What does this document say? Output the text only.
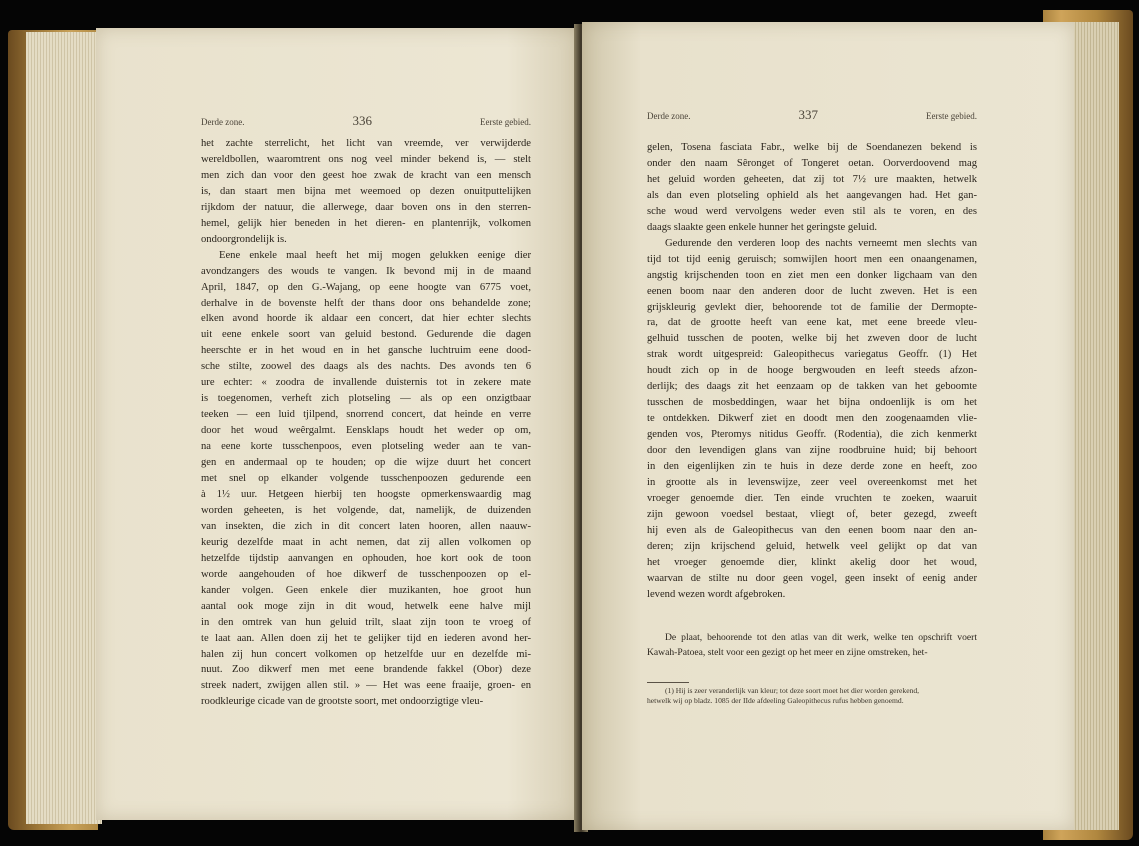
Derde zone.	336	Eerste gebied.
het zachte sterrelicht, het licht van vreemde, ver verwijderde
wereldbollen, waaromtrent ons nog veel minder bekend is, — stelt
men zich dan voor den geest hoe zwak de kracht van een mensch
is, dan staart men bijna met weemoed op dezen onuitputtelijken
rijkdom der natuur, die allerwege, daar boven ons in den sterren-
hemel, gelijk hier beneden in het dieren- en plantenrijk, volkomen
ondoorgrondelijk is.
Eene enkele maal heeft het mij mogen gelukken eenige dier
avondzangers des wouds te vangen. Ik bevond mij in de maand
April, 1847, op den G.-Wajang, op eene hoogte van 6775 voet,
derhalve in de bovenste helft der thans door ons behandelde zone;
elken avond hoorde ik aldaar een concert, dat hier echter slechts
uit eene enkele soort van geluid bestond. Gedurende die dagen
heerschte er in het woud en in het gansche luchtruim eene dood-
sche stilte, zoowel des daags als des nachts. Des avonds ten 6
ure echter: « zoodra de invallende duisternis tot in zekere mate
is toegenomen, verheft zich plotseling — als op een onzigtbaar
teeken — een luid tjilpend, snorrend concert, dat heinde en verre
door het woud weêrgalmt. Eensklaps houdt het weder op om,
na eene korte tusschenpoos, even plotseling weder aan te van-
gen en andermaal op te houden; op die wijze duurt het concert
met snel op elkander volgende tusschenpoozen gedurende een
à 1½ uur. Hetgeen hierbij ten hoogste opmerkenswaardig mag
worden geheeten, is het volgende, dat, namelijk, de duizenden
van insekten, die zich in dit concert laten hooren, allen naauw-
keurig dezelfde maat in acht nemen, dat zij allen volkomen op
hetzelfde tijdstip aanvangen en ophouden, hoe kort ook de toon
worde aangehouden of hoe dikwerf de tusschenpoozen op el-
kander volgen. Geen enkele dier muzikanten, hoe groot hun
aantal ook moge zijn in dit woud, hetwelk eene halve mijl
in den omtrek van hun geluid trilt, slaat zijn toon te vroeg of
te laat aan. Allen doen zij het te gelijker tijd en iederen avond her-
halen zij hun concert volkomen op hetzelfde uur en dezelfde mi-
nuut. Zoo dikwerf men met eene brandende fakkel (Obor) deze
streek nadert, zwijgen allen stil. » — Het was eene fraaije, groen- en
roodkleurige cicade van de grootste soort, met ondoorzigtige vleu-
Derde zone.	337	Eerste gebied.
gelen, Tosena fasciata Fabr., welke bij de Soendanezen bekend is
onder den naam Sêronget of Tongeret oetan. Oorverdoovend mag
het geluid worden geheeten, dat zij tot 7½ ure maakten, hetwelk
als dan even plotseling ophield als het aangevangen had. Het gan-
sche woud werd vervolgens weder even stil als te voren, en des
daags slaakte geen enkele hunner het geringste geluid.
Gedurende den verderen loop des nachts verneemt men slechts van
tijd tot tijd eenig geruisch; somwijlen hoort men een onaangenamen,
angstig krijschenden toon en ziet men een donker ligchaam van den
eenen boom naar den anderen door de lucht zweven. Het is een
grijskleurig gevlekt dier, behoorende tot de familie der Dermopte-
ra, dat de grootte heeft van eene kat, met eene breede vleu-
gelhuid tusschen de pooten, welke bij het zweven door de lucht
strak wordt uitgespreid: Galeopithecus variegatus Geoffr. (1) Het
houdt zich op in de hooge bergwouden en leeft steeds afzon-
derlijk; des daags zit het eenzaam op de takken van het geboomte
tusschen de mosbeddingen, waar het bijna ondoenlijk is om het
te ontdekken. Dikwerf ziet en doodt men den zoogenaamden vlie-
genden vos, Pteromys nitidus Geoffr. (Rodentia), die zich kenmerkt
door den levendigen glans van zijne roodbruine huid; bij behoort
in den eigenlijken zin te huis in deze derde zone en heeft, zoo
in grootte als in levenswijze, zeer veel overeenkomst met het
vroeger genoemde dier. Ten einde vruchten te zoeken, waaruit
zijn gewoon voedsel bestaat, vliegt of, beter gezegd, zweeft
hij even als de Galeopithecus van den eenen boom naar den an-
deren; zijn krijschend geluid, hetwelk veel gelijkt op dat van
het vroeger genoemde dier, klinkt akelig door het woud,
waarvan de stilte nu door geen vogel, geen insekt of eenig ander
levend wezen wordt afgebroken.
De plaat, behoorende tot den atlas van dit werk, welke ten opschrift voert
Kawah-Patoea, stelt voor een gezigt op het meer en zijne omstreken, het-
(1) Hij is zeer veranderlijk van kleur; tot deze soort moet het dier worden gerekend,
hetwelk wij op bladz. 1085 der IIde afdeeling Galeopithecus rufus hebben genoemd.
